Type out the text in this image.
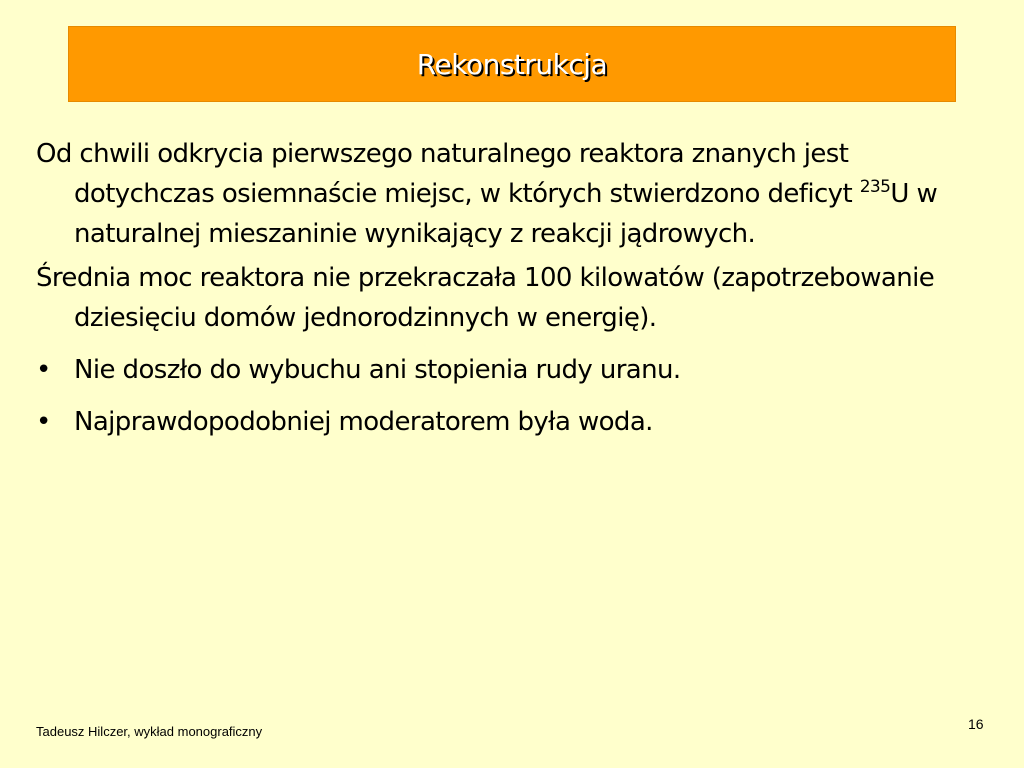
Rekonstrukcja

Od chwili odkrycia pierwszego naturalnego reaktora znanych jest dotychczas osiemnaście miejsc, w których stwierdzono deficyt $^{235}$U w naturalnej mieszaninie wynikający z reakcji jądrowych.

Średnia moc reaktora nie przekraczała 100 kilowatów (zapotrzebowanie dziesięciu domów jednorodzinnych w energię).

• Nie doszło do wybuchu ani stopienia rudy uranu.
• Najprawdopodobniej moderatorem była woda.
Tadeusz Hilczer, wykład monograficzny	16
